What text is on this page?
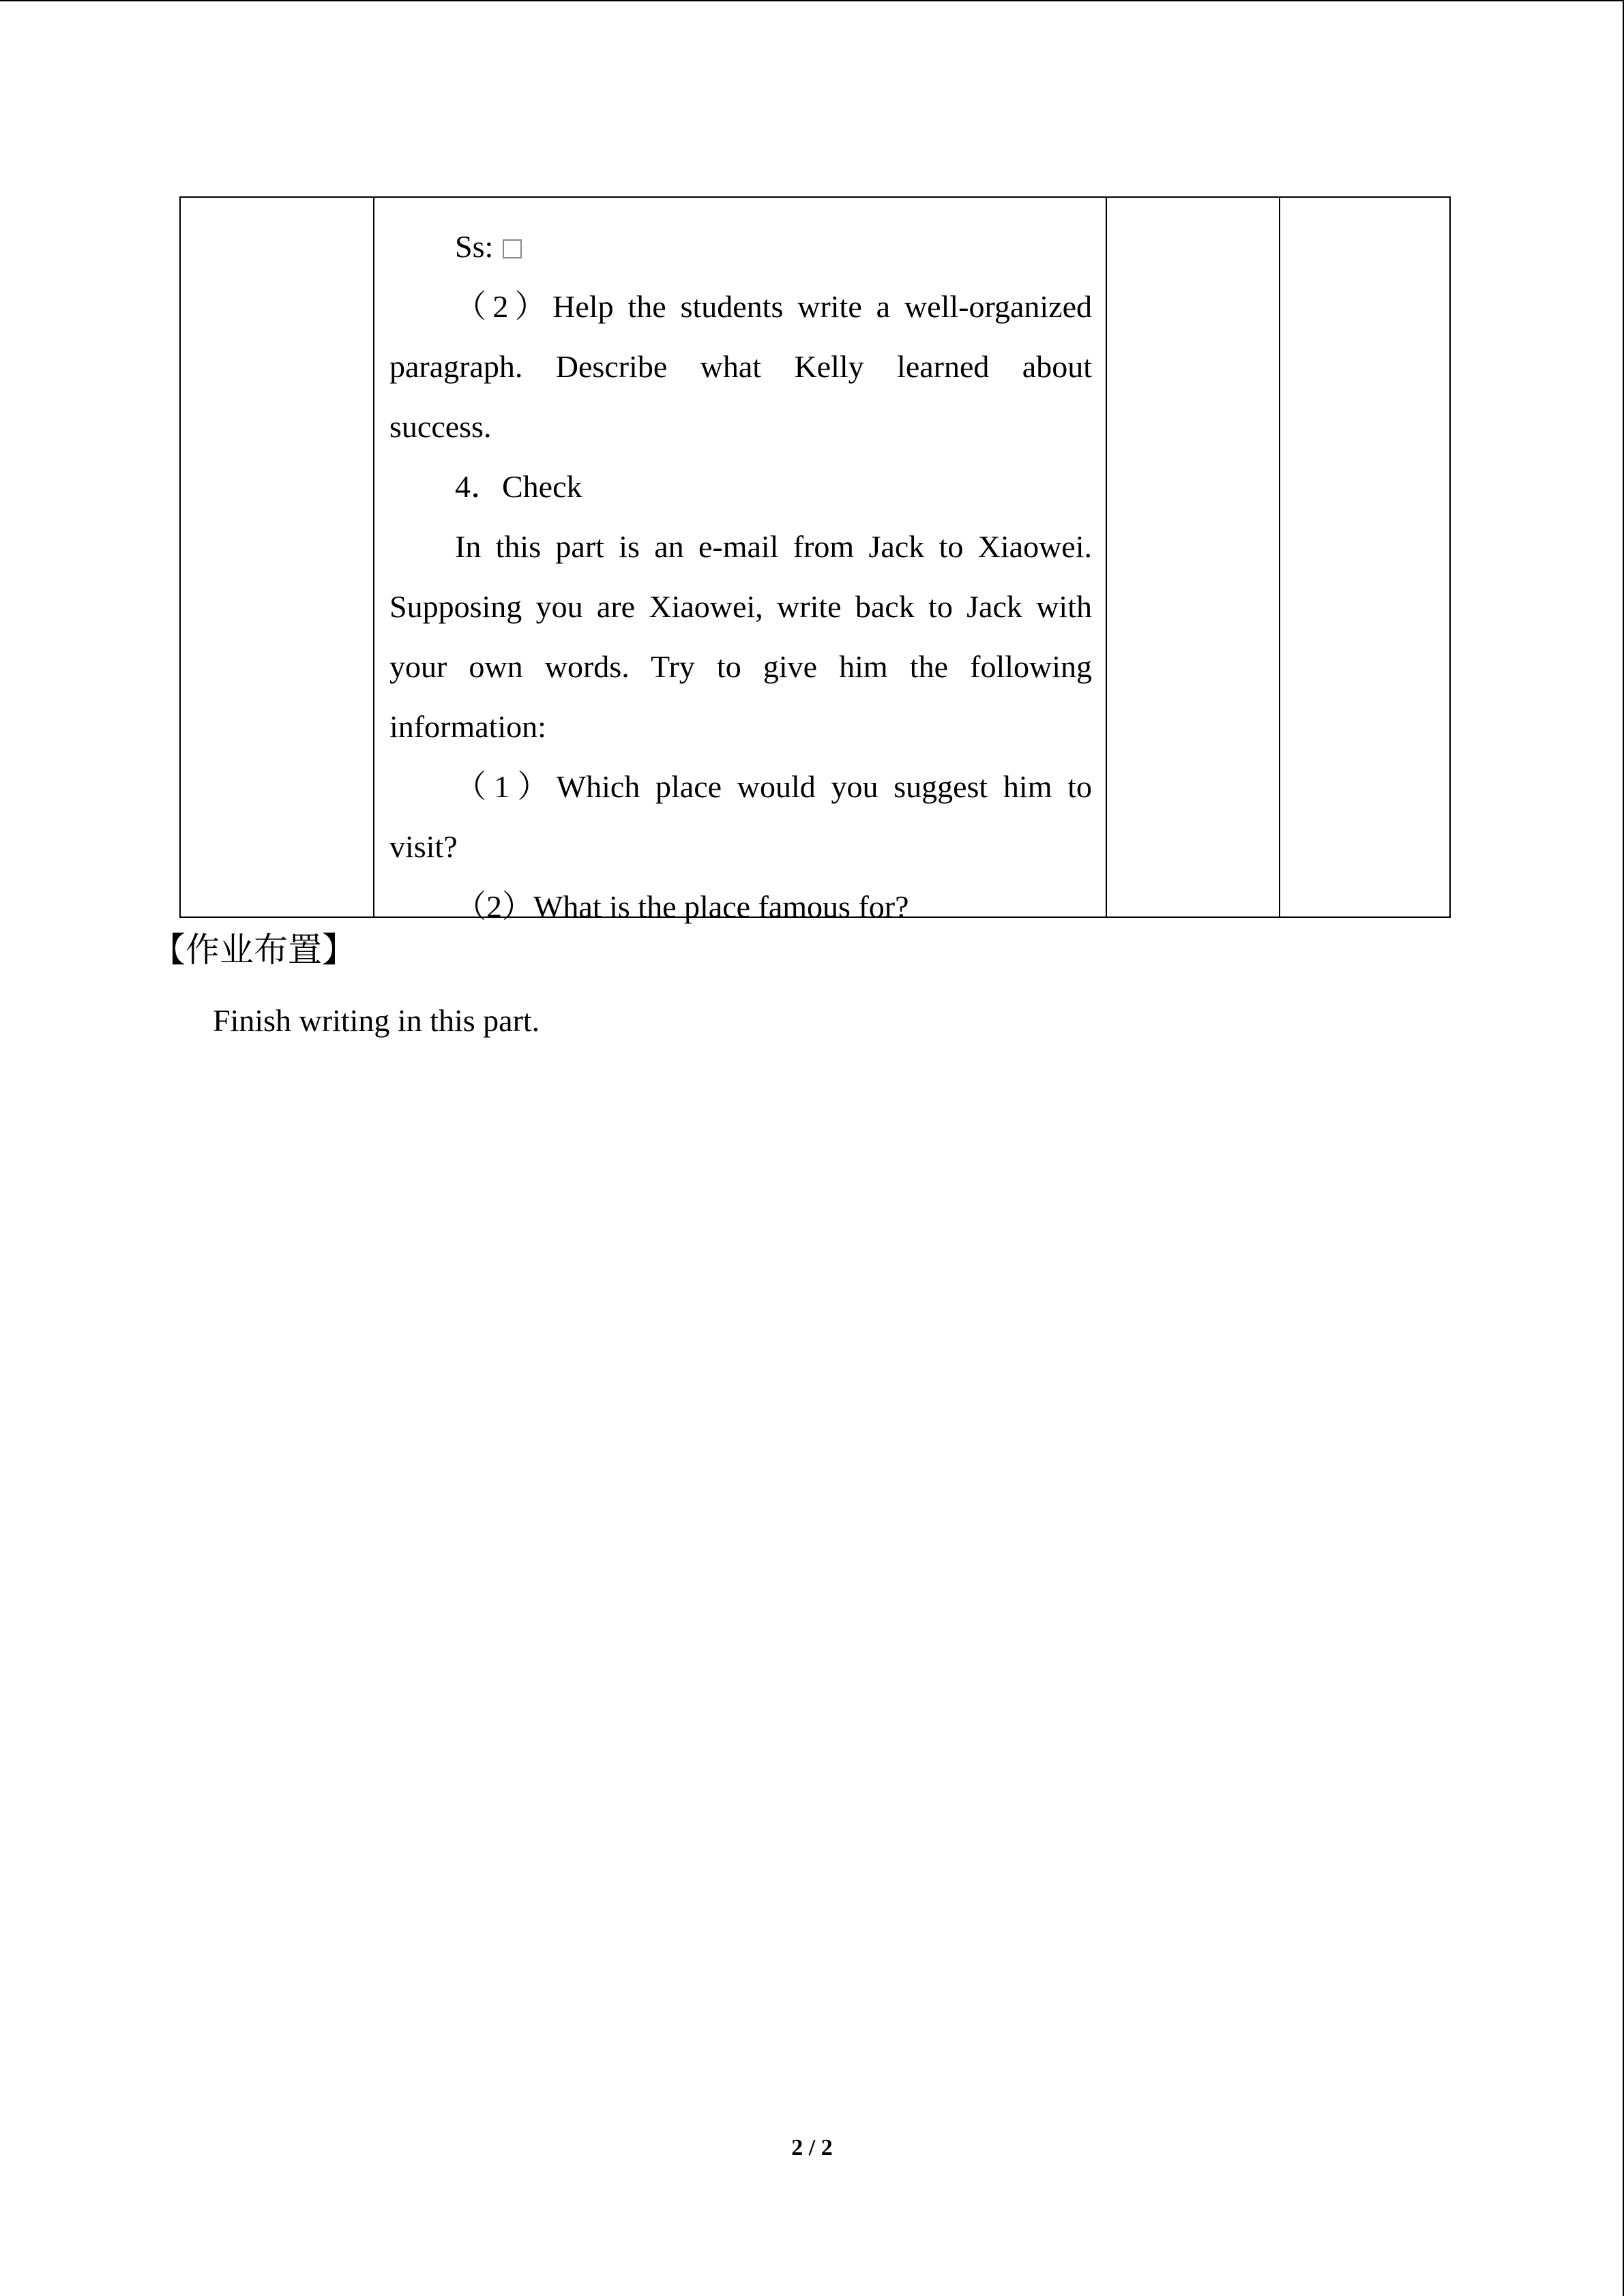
Ss:

（2）Help the students write a well-organized

paragraph. Describe what Kelly learned about

success.

4．Check

In this part is an e-mail from Jack to Xiaowei.

Supposing you are Xiaowei, write back to Jack with

your own words. Try to give him the following

information:

（1）Which place would you suggest him to

visit?

（2）What is the place famous for?

【作业布置】

Finish writing in this part.

2 / 2
